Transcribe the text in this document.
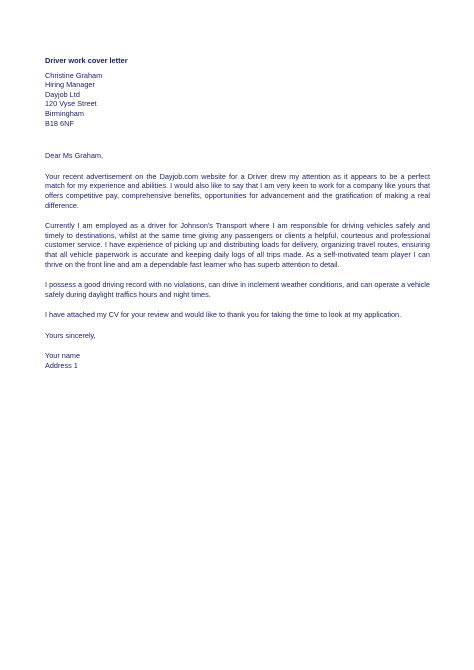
Driver work cover letter
Christine Graham
Hiring Manager
Dayjob Ltd
120 Vyse Street
Birmingham
B18 6NF

Dear Ms Graham,

Your recent advertisement on the Dayjob.com website for a Driver drew my attention as it appears to be a perfect match for my experience and abilities. I would also like to say that I am very keen to work for a company like yours that offers competitive pay, comprehensive benefits, opportunities for advancement and the gratification of making a real difference.

Currently I am employed as a driver for Johnson's Transport where I am responsible for driving vehicles safely and timely to destinations, whilst at the same time giving any passengers or clients a helpful, courteous and professional customer service. I have experience of picking up and distributing loads for delivery, organizing travel routes, ensuring that all vehicle paperwork is accurate and keeping daily logs of all trips made. As a self-motivated team player I can thrive on the front line and am a dependable fast learner who has superb attention to detail.

I possess a good driving record with no violations, can drive in inclement weather conditions, and can operate a vehicle safely during daylight traffics hours and night times.

I have attached my CV for your review and would like to thank you for taking the time to look at my application.

Yours sincerely,

Your name
Address 1
